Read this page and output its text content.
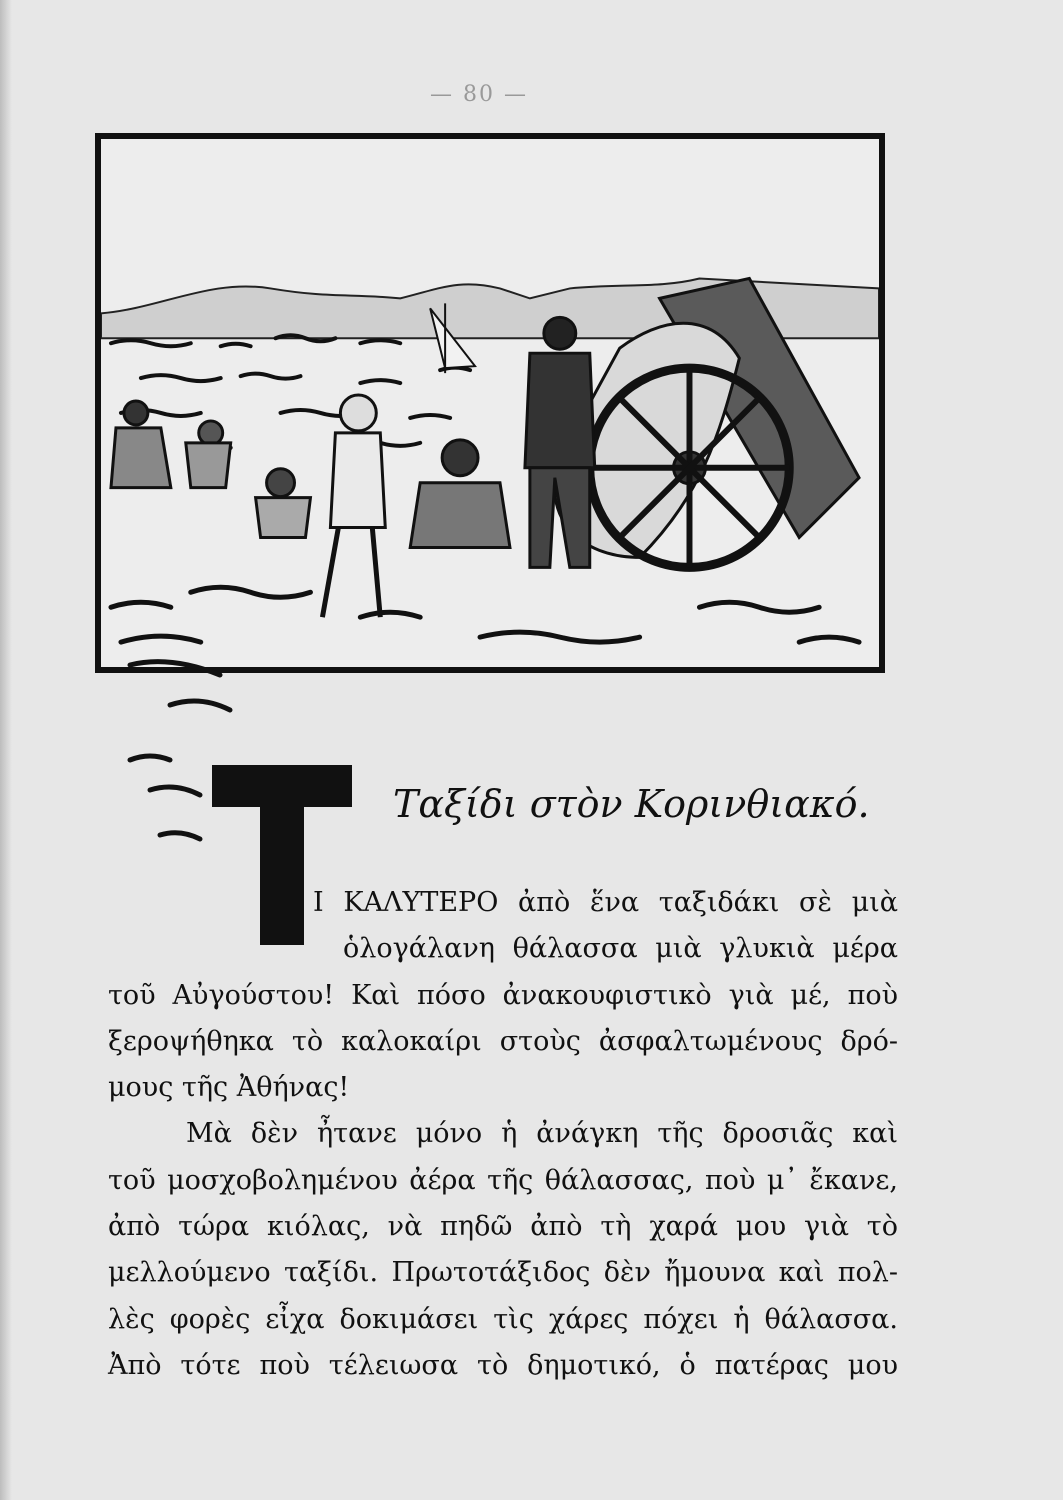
— 80 —
Ταξίδι στὸν Κορινθιακό.
Ι ΚΑΛΥΤΕΡΟ ἀπὸ ἕνα ταξιδάκι σὲ μιὰ
ὁλογάλανη θάλασσα μιὰ γλυκιὰ μέρα
τοῦ Αὐγούστου! Καὶ πόσο ἀνακουφιστικὸ γιὰ μέ, ποὺ
ξεροψήθηκα τὸ καλοκαίρι στοὺς ἀσφαλτωμένους δρό-
μους τῆς Ἀθήνας!
Μὰ δὲν ἦτανε μόνο ἡ ἀνάγκη τῆς δροσιᾶς καὶ
τοῦ μοσχοβολημένου ἀέρα τῆς θάλασσας, ποὺ μ᾽ ἔκανε,
ἀπὸ τώρα κιόλας, νὰ πηδῶ ἀπὸ τὴ χαρά μου γιὰ τὸ
μελλούμενο ταξίδι. Πρωτοτάξιδος δὲν ἤμουνα καὶ πολ-
λὲς φορὲς εἶχα δοκιμάσει τὶς χάρες πόχει ἡ θάλασσα.
Ἀπὸ τότε ποὺ τέλειωσα τὸ δημοτικό, ὁ πατέρας μου
